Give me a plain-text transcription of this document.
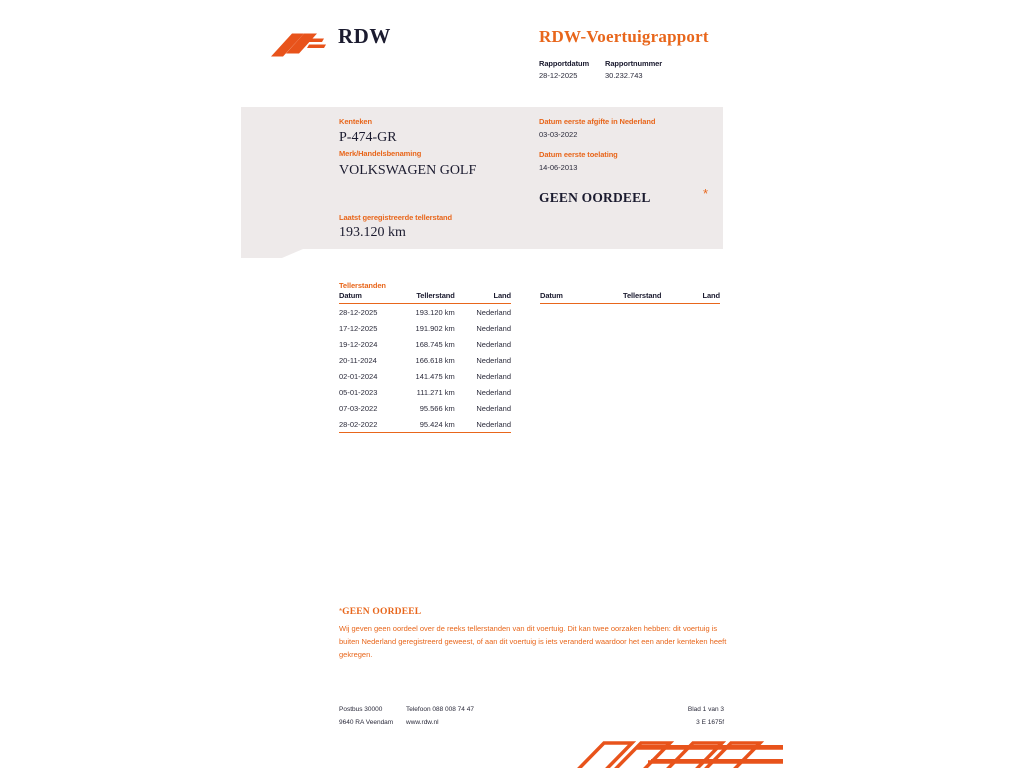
RDW	RDW-Voertuigrapport
Rapportdatum
28-12-2025
Rapportnummer
30.232.743
Kenteken
P-474-GR
Merk/Handelsbenaming
VOLKSWAGEN GOLF
Laatst geregistreerde tellerstand
193.120 km
Datum eerste afgifte in Nederland
03-03-2022
Datum eerste toelating
14-06-2013
GEEN OORDEEL	*
Tellerstanden
Datum	Tellerstand	Land
28-12-2025	193.120 km	Nederland
17-12-2025	191.902 km	Nederland
19-12-2024	168.745 km	Nederland
20-11-2024	166.618 km	Nederland
02-01-2024	141.475 km	Nederland
05-01-2023	111.271 km	Nederland
07-03-2022	95.566 km	Nederland
28-02-2022	95.424 km	Nederland
Datum	Tellerstand	Land
*GEEN OORDEEL
Wij geven geen oordeel over de reeks tellerstanden van dit voertuig. Dit kan twee oorzaken hebben: dit voertuig is buiten Nederland geregistreerd geweest, of aan dit voertuig is iets veranderd waardoor het een ander kenteken heeft gekregen.
Postbus 30000
9640 RA Veendam
Telefoon 088 008 74 47
www.rdw.nl
Blad 1 van 3
3 E 1675f
